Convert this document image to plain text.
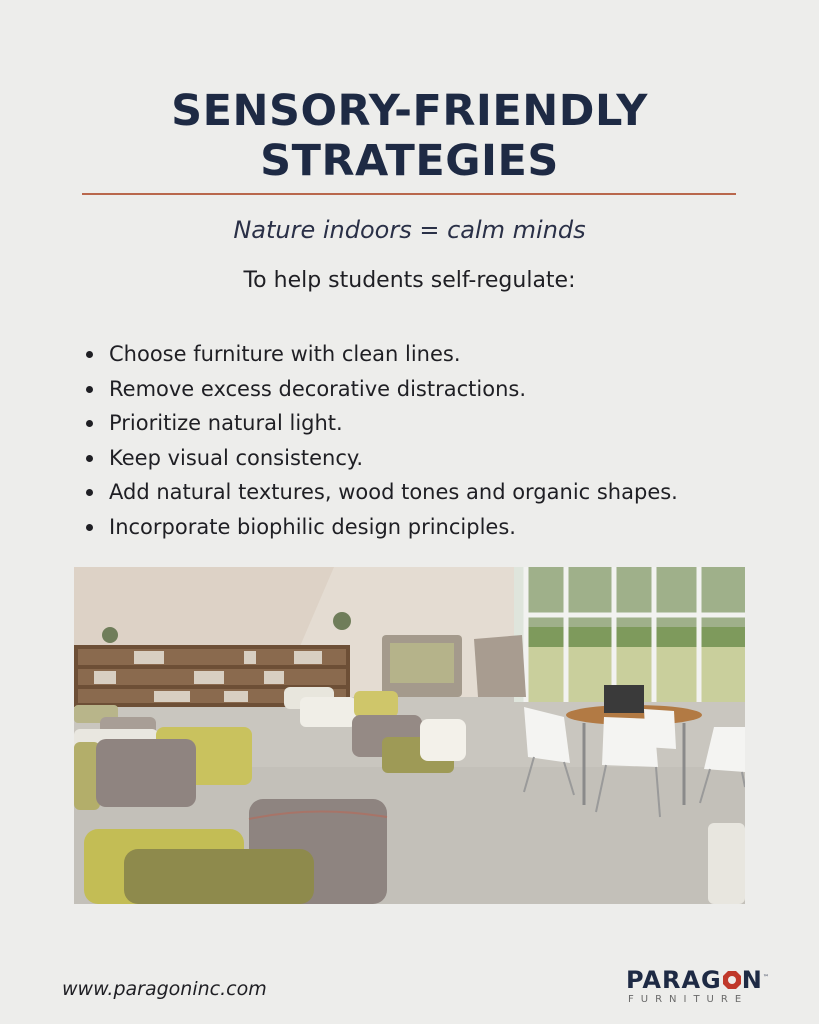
SENSORY-FRIENDLY
STRATEGIES
Nature indoors = calm minds
To help students self-regulate:
Choose furniture with clean lines.
Remove excess decorative distractions.
Prioritize natural light.
Keep visual consistency.
Add natural textures, wood tones and organic shapes.
Incorporate biophilic design principles.
www.paragoninc.com	PARAG N™
FURNITURE
